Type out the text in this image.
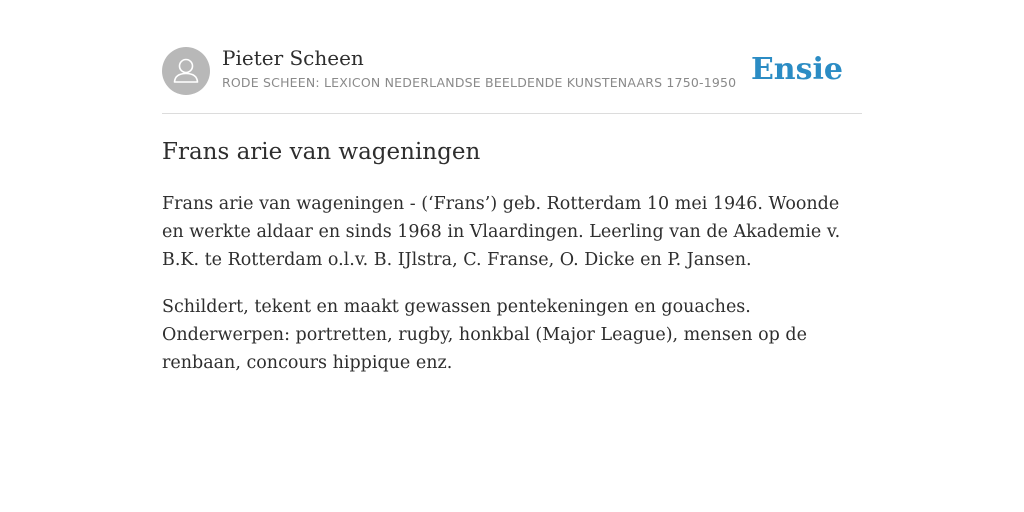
Pieter Scheen
RODE SCHEEN: LEXICON NEDERLANDSE BEELDENDE KUNSTENAARS 1750-1950 Ensie
Frans arie van wageningen

Frans arie van wageningen - (‘Frans’) geb. Rotterdam 10 mei 1946. Woonde en werkte aldaar en sinds 1968 in Vlaardingen. Leerling van de Akademie v. B.K. te Rotterdam o.l.v. B. IJlstra, C. Franse, O. Dicke en P. Jansen.

Schildert, tekent en maakt gewassen pentekeningen en gouaches. Onderwerpen: portretten, rugby, honkbal (Major League), mensen op de renbaan, concours hippique enz.
